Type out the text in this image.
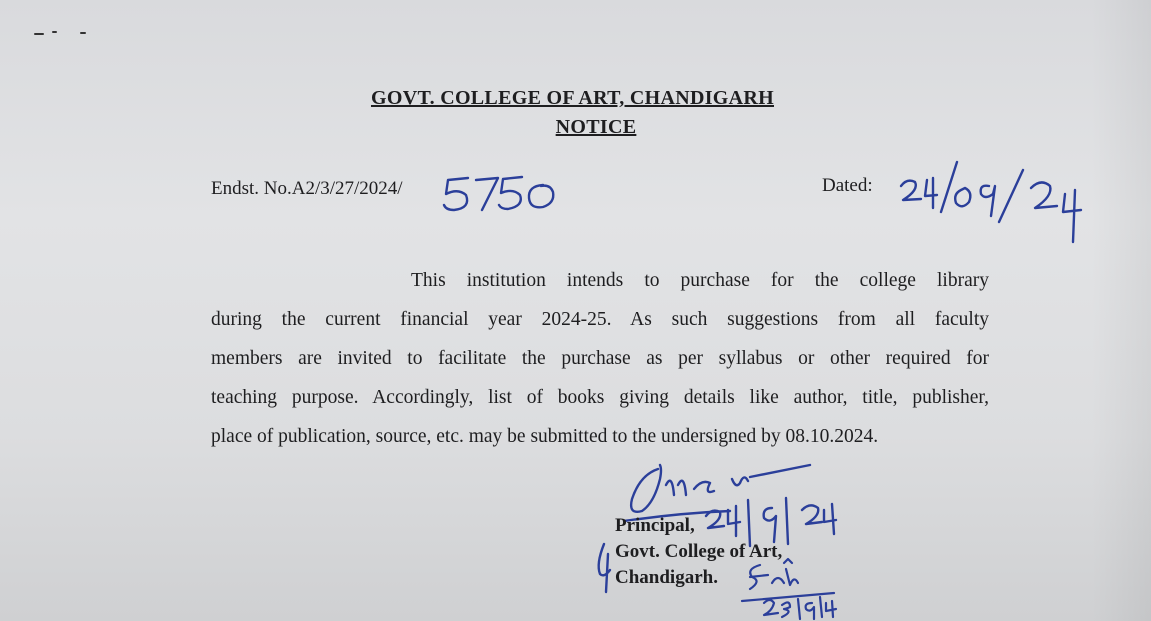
GOVT. COLLEGE OF ART, CHANDIGARH
NOTICE
Endst. No.A2/3/27/2024/	Dated:

This institution intends to purchase for the college library
during the current financial year 2024-25. As such suggestions from all faculty
members are invited to facilitate the purchase as per syllabus or other required for
teaching purpose. Accordingly, list of books giving details like author, title, publisher,
place of publication, source, etc. may be submitted to the undersigned by 08.10.2024.

Principal,
Govt. College of Art,
Chandigarh.
